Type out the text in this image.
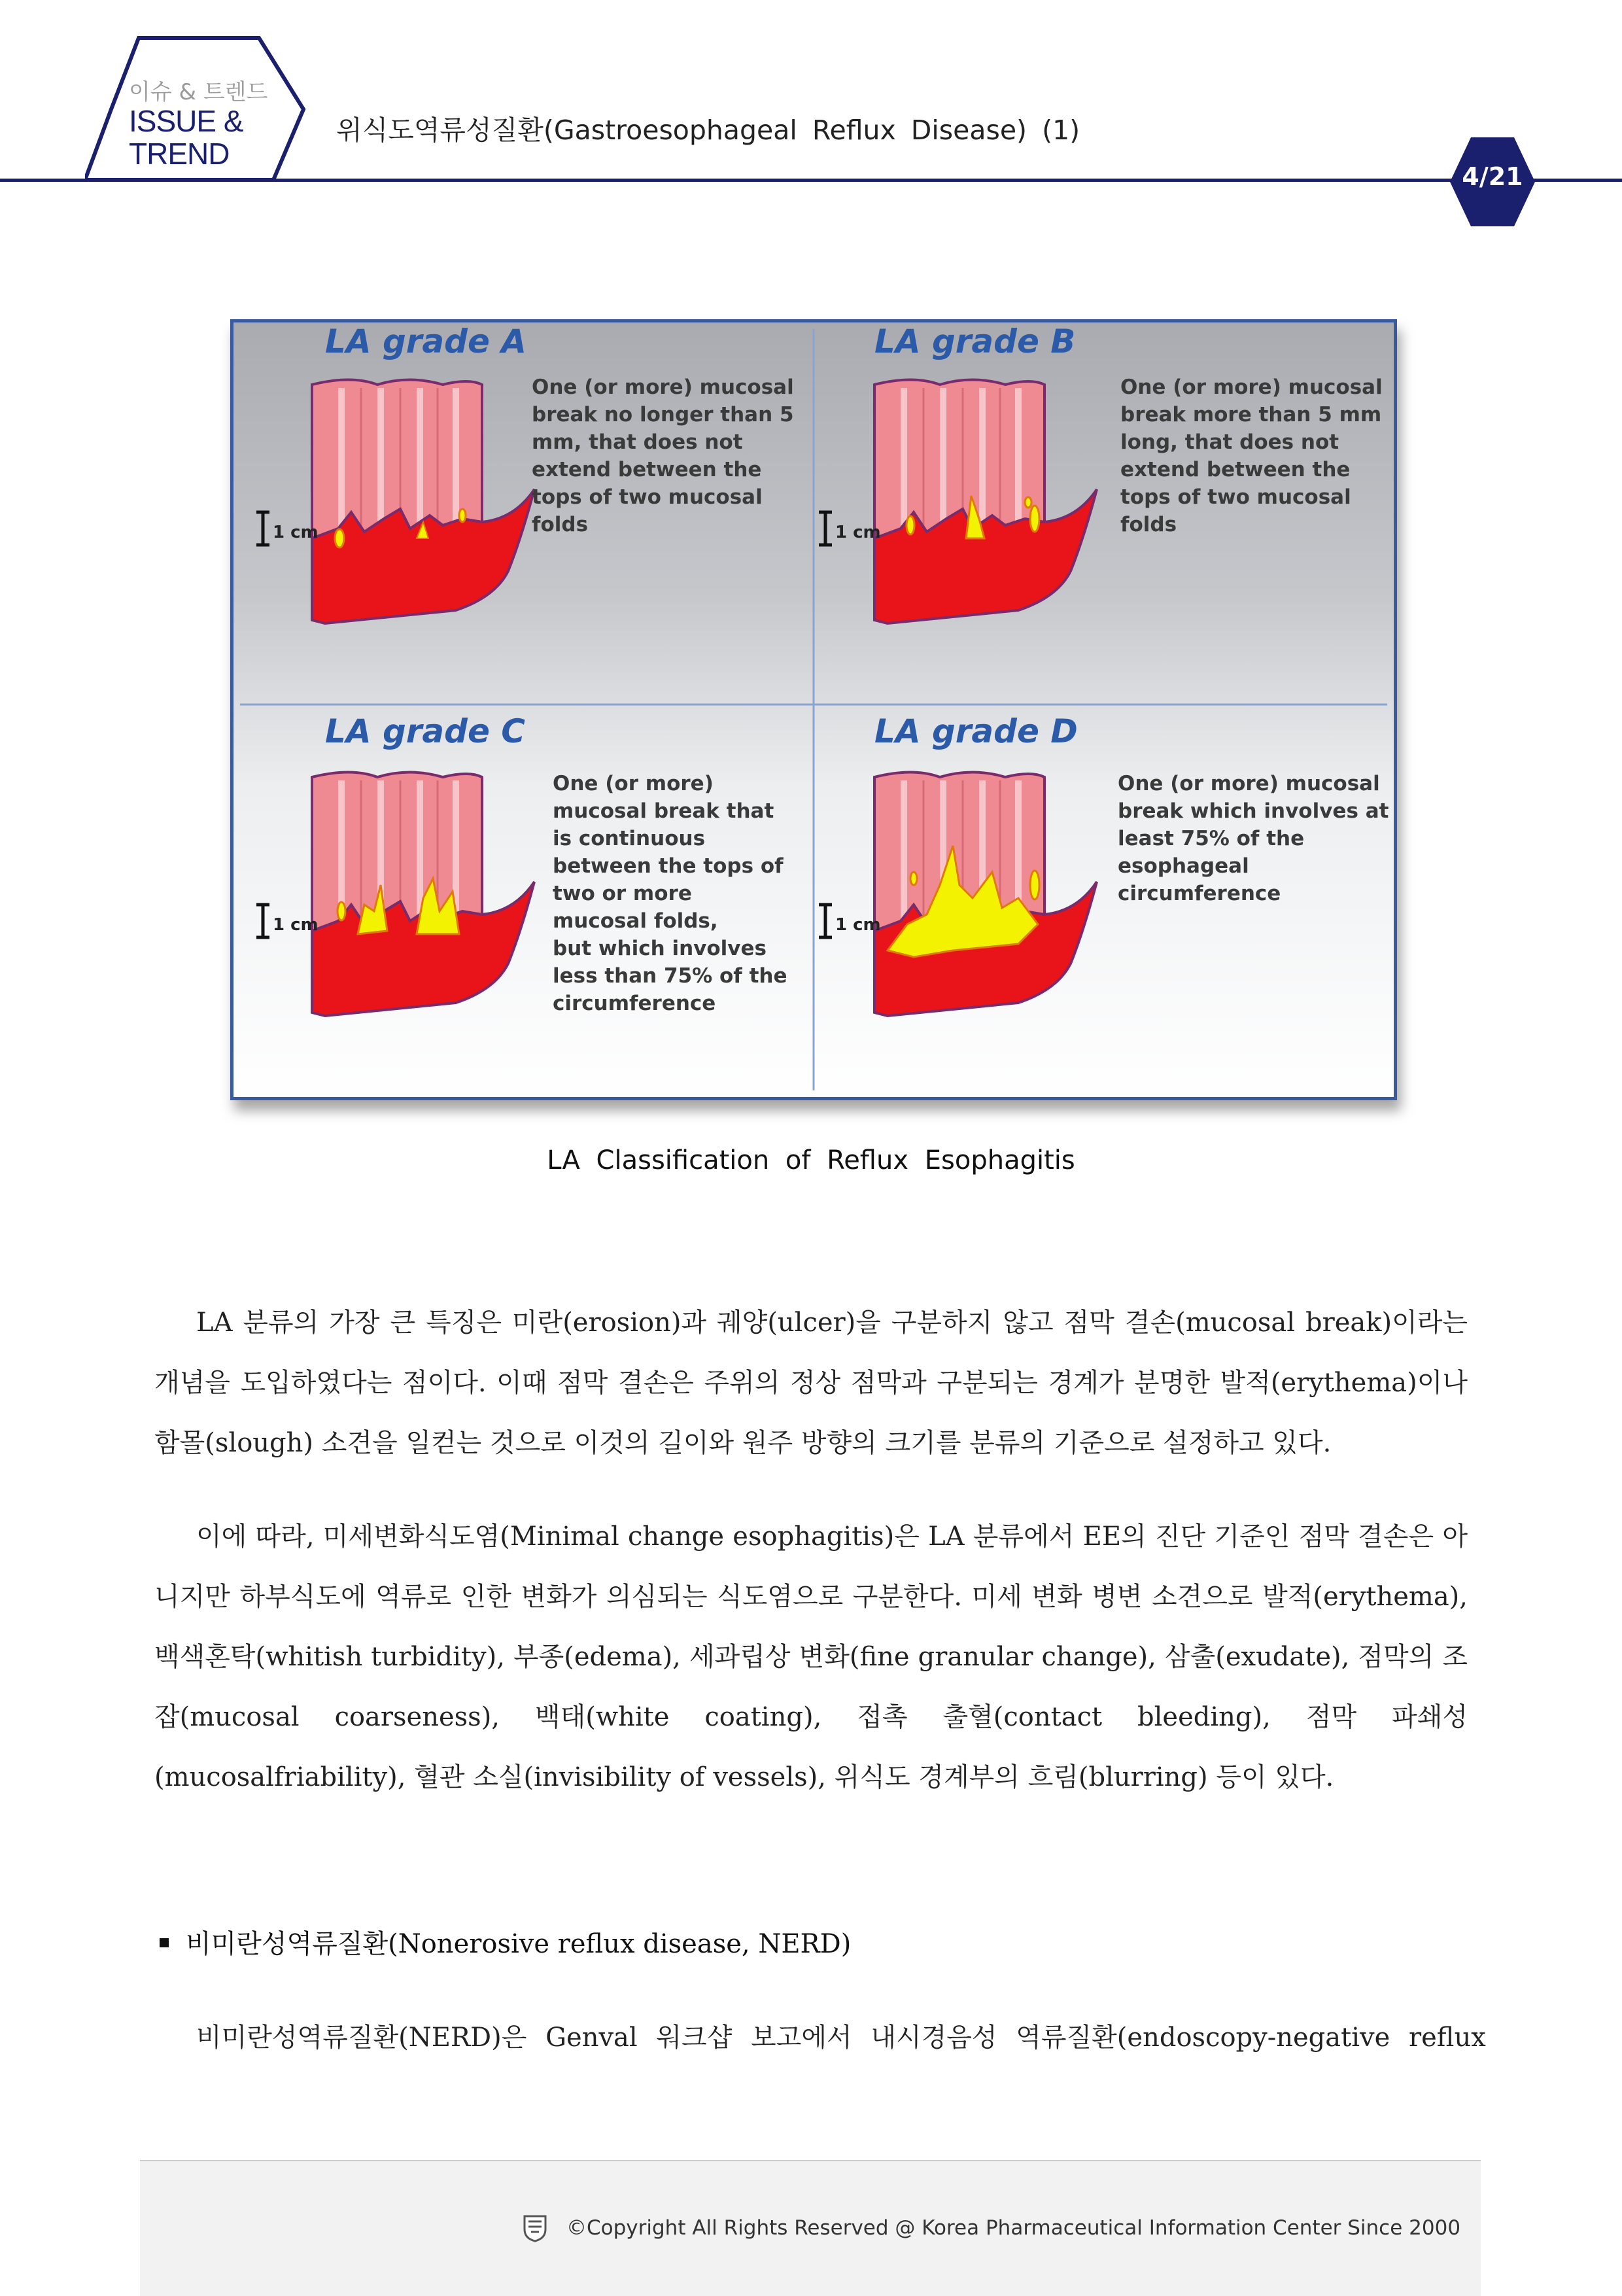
이슈 & 트렌드
ISSUE &
TREND
위식도역류성질환(Gastroesophageal Reflux Disease) (1)
4/21
LA grade A
One (or more) mucosal
break no longer than 5
mm, that does not
extend between the
tops of two mucosal
folds
1 cm
LA grade B
One (or more) mucosal
break more than 5 mm
long, that does not
extend between the
tops of two mucosal
folds
1 cm
LA grade C
One (or more)
mucosal break that
is continuous
between the tops of
two or more
mucosal folds,
but which involves
less than 75% of the
circumference
1 cm
LA grade D
One (or more) mucosal
break which involves at
least 75% of the
esophageal
circumference
1 cm
LA Classification of Reflux Esophagitis
LA 분류의 가장 큰 특징은 미란(erosion)과 궤양(ulcer)을 구분하지 않고 점막 결손(mucosal break)이라는 개념을 도입하였다는 점이다. 이때 점막 결손은 주위의 정상 점막과 구분되는 경계가 분명한 발적(erythema)이나 함몰(slough) 소견을 일컫는 것으로 이것의 길이와 원주 방향의 크기를 분류의 기준으로 설정하고 있다.
이에 따라, 미세변화식도염(Minimal change esophagitis)은 LA 분류에서 EE의 진단 기준인 점막 결손은 아니지만 하부식도에 역류로 인한 변화가 의심되는 식도염으로 구분한다. 미세 변화 병변 소견으로 발적(erythema), 백색혼탁(whitish turbidity), 부종(edema), 세과립상 변화(fine granular change), 삼출(exudate), 점막의 조잡(mucosal coarseness), 백태(white coating), 접촉 출혈(contact bleeding), 점막 파쇄성(mucosalfriability), 혈관 소실(invisibility of vessels), 위식도 경계부의 흐림(blurring) 등이 있다.
비미란성역류질환(Nonerosive reflux disease, NERD)
비미란성역류질환(NERD)은 Genval 워크샵 보고에서 내시경음성 역류질환(endoscopy-negative reflux
©Copyright All Rights Reserved @ Korea Pharmaceutical Information Center Since 2000
